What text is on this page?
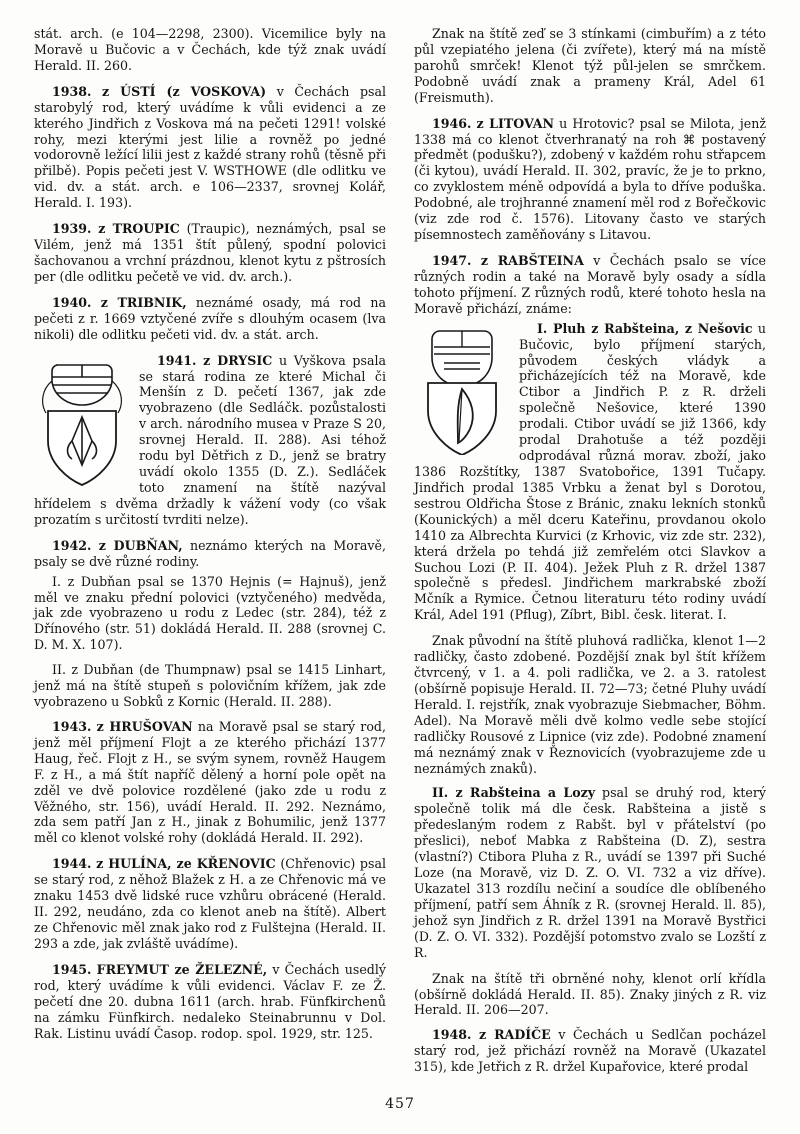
stát. arch. (e 104—2298, 2300). Vicemilice byly na Moravě u Bučovic a v Čechách, kde týž znak uvádí Herald. II. 260.

1938. z ÚSTÍ (z VOSKOVA) v Čechách psal starobylý rod, který uvádíme k vůli evidenci a ze kterého Jindřich z Voskova má na pečeti 1291! volské rohy, mezi kterými jest lilie a rovněž po jedné vodorovně ležící lilii jest z každé strany rohů (těsně při přilbě). Popis pečeti jest V. WSTHOWE (dle odlitku ve vid. dv. a stát. arch. e 106—2337, srovnej Kolář, Herald. I. 193).

1939. z TROUPIC (Traupic), neznámých, psal se Vilém, jenž má 1351 štít půlený, spodní polovici šachovanou a vrchní prázdnou, klenot kytu z pštrosích per (dle odlitku pečetě ve vid. dv. arch.).

1940. z TRIBNIK, neznámé osady, má rod na pečeti z r. 1669 vztyčené zvíře s dlouhým ocasem (lva nikoli) dle odlitku pečeti vid. dv. a stát. arch.

1941. z DRYSIC u Vyškova psala se stará rodina ze které Michal či Menšín z D. pečetí 1367, jak zde vyobrazeno (dle Sedláčk. pozůstalosti v arch. národního musea v Praze S 20, srovnej Herald. II. 288). Asi téhož rodu byl Dětřich z D., jenž se bratry uvádí okolo 1355 (D. Z.). Sedláček toto znamení na štítě nazýval hřídelem s dvěma držadly k vážení vody (co však prozatím s určitostí tvrditi nelze).

1942. z DUBŇAN, neznámo kterých na Moravě, psaly se dvě různé rodiny.

I. z Dubňan psal se 1370 Hejnis (= Hajnuš), jenž měl ve znaku přední polovici (vztyčeného) medvěda, jak zde vyobrazeno u rodu z Ledec (str. 284), též z Dřínového (str. 51) dokládá Herald. II. 288 (srovnej C. D. M. X. 107).

II. z Dubňan (de Thumpnaw) psal se 1415 Linhart, jenž má na štítě stupeň s polovičním křížem, jak zde vyobrazeno u Sobků z Kornic (Herald. II. 288).

1943. z HRUŠOVAN na Moravě psal se starý rod, jenž měl příjmení Flojt a ze kterého přichází 1377 Haug, řeč. Flojt z H., se svým synem, rovněž Haugem F. z H., a má štít napříč dělený a horní pole opět na zděl ve dvě polovice rozdělené (jako zde u rodu z Věžného, str. 156), uvádí Herald. II. 292. Neznámo, zda sem patří Jan z H., jinak z Bohumilic, jenž 1377 měl co klenot volské rohy (dokládá Herald. II. 292).

1944. z HULÍNA, ze KŘENOVIC (Chřenovic) psal se starý rod, z něhož Blažek z H. a ze Chřenovic má ve znaku 1453 dvě lidské ruce vzhůru obrácené (Herald. II. 292, neudáno, zda co klenot aneb na štítě). Albert ze Chřenovic měl znak jako rod z Fulštejna (Herald. II. 293 a zde, jak zvláště uvádíme).

1945. FREYMUT ze ŽELEZNÉ, v Čechách usedlý rod, který uvádíme k vůli evidenci. Václav F. ze Ž. pečetí dne 20. dubna 1611 (arch. hrab. Fünfkirchenů na zámku Fünfkirch. nedaleko Steinabrunnu v Dol. Rak. Listinu uvádí Časop. rodop. spol. 1929, str. 125.

Znak na štítě zeď se 3 stínkami (cimbuřím) a z této půl vzepiatého jelena (či zvířete), který má na místě parohů smrček! Klenot týž půl-jelen se smrčkem. Podobně uvádí znak a prameny Král, Adel 61 (Freismuth).

1946. z LITOVAN u Hrotovic? psal se Milota, jenž 1338 má co klenot čtverhranatý na roh ⌘ postavený předmět (podušku?), zdobený v každém rohu střapcem (či kytou), uvádí Herald. II. 302, pravíc, že je to prkno, co zvyklostem méně odpovídá a byla to dříve poduška. Podobné, ale trojhranné znamení měl rod z Bořečkovic (viz zde rod č. 1576). Litovany často ve starých písemnostech zaměňovány s Litavou.

1947. z RABŠTEINA v Čechách psalo se více různých rodin a také na Moravě byly osady a sídla tohoto příjmení. Z různých rodů, které tohoto hesla na Moravě přichází, známe:

I. Pluh z Rabšteina, z Nešovic u Bučovic, bylo příjmení starých, původem českých vládyk a přicházejících též na Moravě, kde Ctibor a Jindřich P. z R. drželi společně Nešovice, které 1390 prodali. Ctibor uvádí se již 1366, kdy prodal Drahotuše a též později odprodával různá morav. zboží, jako 1386 Rozštítky, 1387 Svatobořice, 1391 Tučapy. Jindřich prodal 1385 Vrbku a ženat byl s Dorotou, sestrou Oldřicha Štose z Bránic, znaku lekních stonků (Kounických) a měl dceru Kateřinu, provdanou okolo 1410 za Albrechta Kurvici (z Krhovic, viz zde str. 232), která držela po tehdá již zemřelém otci Slavkov a Suchou Lozi (P. II. 404). Ježek Pluh z R. držel 1387 společně s předesl. Jindřichem markrabské zboží Mčník a Rymice. Četnou literaturu této rodiny uvádí Král, Adel 191 (Pflug), Zíbrt, Bibl. česk. literat. I.

Znak původní na štítě pluhová radlička, klenot 1—2 radličky, často zdobené. Pozdější znak byl štít křížem čtvrcený, v 1. a 4. poli radlička, ve 2. a 3. ratolest (obšírně popisuje Herald. II. 72—73; četné Pluhy uvádí Herald. I. rejstřík, znak vyobrazuje Siebmacher, Böhm. Adel). Na Moravě měli dvě kolmo vedle sebe stojící radličky Rousové z Lipnice (viz zde). Podobné znamení má neznámý znak v Řeznovicích (vyobrazujeme zde u neznámých znaků).

II. z Rabšteina a Lozy psal se druhý rod, který společně tolik má dle česk. Rabšteina a jistě s předeslaným rodem z Rabšt. byl v přátelství (po přeslici), neboť Mabka z Rabšteina (D. Z), sestra (vlastní?) Ctibora Pluha z R., uvádí se 1397 při Suché Loze (na Moravě, viz D. Z. O. VI. 732 a viz dříve). Ukazatel 313 rozdílu nečiní a soudíce dle oblíbeného příjmení, patří sem Áhník z R. (srovnej Herald. ll. 85), jehož syn Jindřich z R. držel 1391 na Moravě Bystřici (D. Z. O. VI. 332). Pozdější potomstvo zvalo se Lozští z R.

Znak na štítě tři obrněné nohy, klenot orlí křídla (obšírně dokládá Herald. II. 85). Znaky jiných z R. viz Herald. II. 206—207.

1948. z RADÍČE v Čechách u Sedlčan pocházel starý rod, jež přichází rovněž na Moravě (Ukazatel 315), kde Jetřich z R. držel Kupařovice, které prodal

457
